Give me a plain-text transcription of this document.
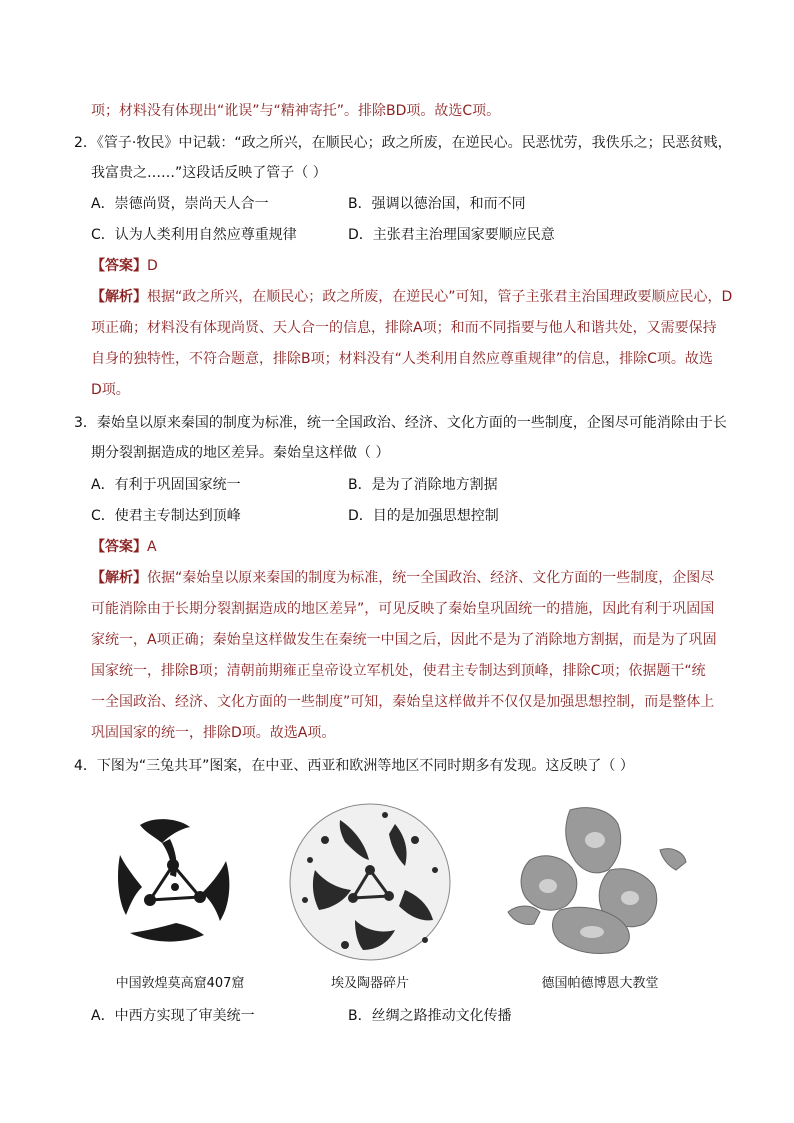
项；材料没有体现出“讹误”与“精神寄托”。排除BD项。故选C项。
2．《管子·牧民》中记载：“政之所兴，在顺民心；政之所废，在逆民心。民恶忧劳，我佚乐之；民恶贫贱，
我富贵之……”这段话反映了管子（ ）
A．崇德尚贤，崇尚天人合一	B．强调以德治国，和而不同
C．认为人类利用自然应尊重规律	D．主张君主治理国家要顺应民意
【答案】D
【解析】根据“政之所兴，在顺民心；政之所废，在逆民心”可知，管子主张君主治国理政要顺应民心，D
项正确；材料没有体现尚贤、天人合一的信息，排除A项；和而不同指要与他人和谐共处，又需要保持
自身的独特性，不符合题意，排除B项；材料没有“人类利用自然应尊重规律”的信息，排除C项。故选
D项。
3．秦始皇以原来秦国的制度为标准，统一全国政治、经济、文化方面的一些制度，企图尽可能消除由于长
期分裂割据造成的地区差异。秦始皇这样做（ ）
A．有利于巩固国家统一	B．是为了消除地方割据
C．使君主专制达到顶峰	D．目的是加强思想控制
【答案】A
【解析】依据“秦始皇以原来秦国的制度为标准，统一全国政治、经济、文化方面的一些制度，企图尽
可能消除由于长期分裂割据造成的地区差异”，可见反映了秦始皇巩固统一的措施，因此有利于巩固国
家统一，A项正确；秦始皇这样做发生在秦统一中国之后，因此不是为了消除地方割据，而是为了巩固
国家统一，排除B项；清朝前期雍正皇帝设立军机处，使君主专制达到顶峰，排除C项；依据题干“统
一全国政治、经济、文化方面的一些制度”可知，秦始皇这样做并不仅仅是加强思想控制，而是整体上
巩固国家的统一，排除D项。故选A项。
4．下图为“三兔共耳”图案，在中亚、西亚和欧洲等地区不同时期多有发现。这反映了（ ）
中国敦煌莫高窟407窟	埃及陶器碎片	德国帕德博恩大教堂
A．中西方实现了审美统一	B．丝绸之路推动文化传播
